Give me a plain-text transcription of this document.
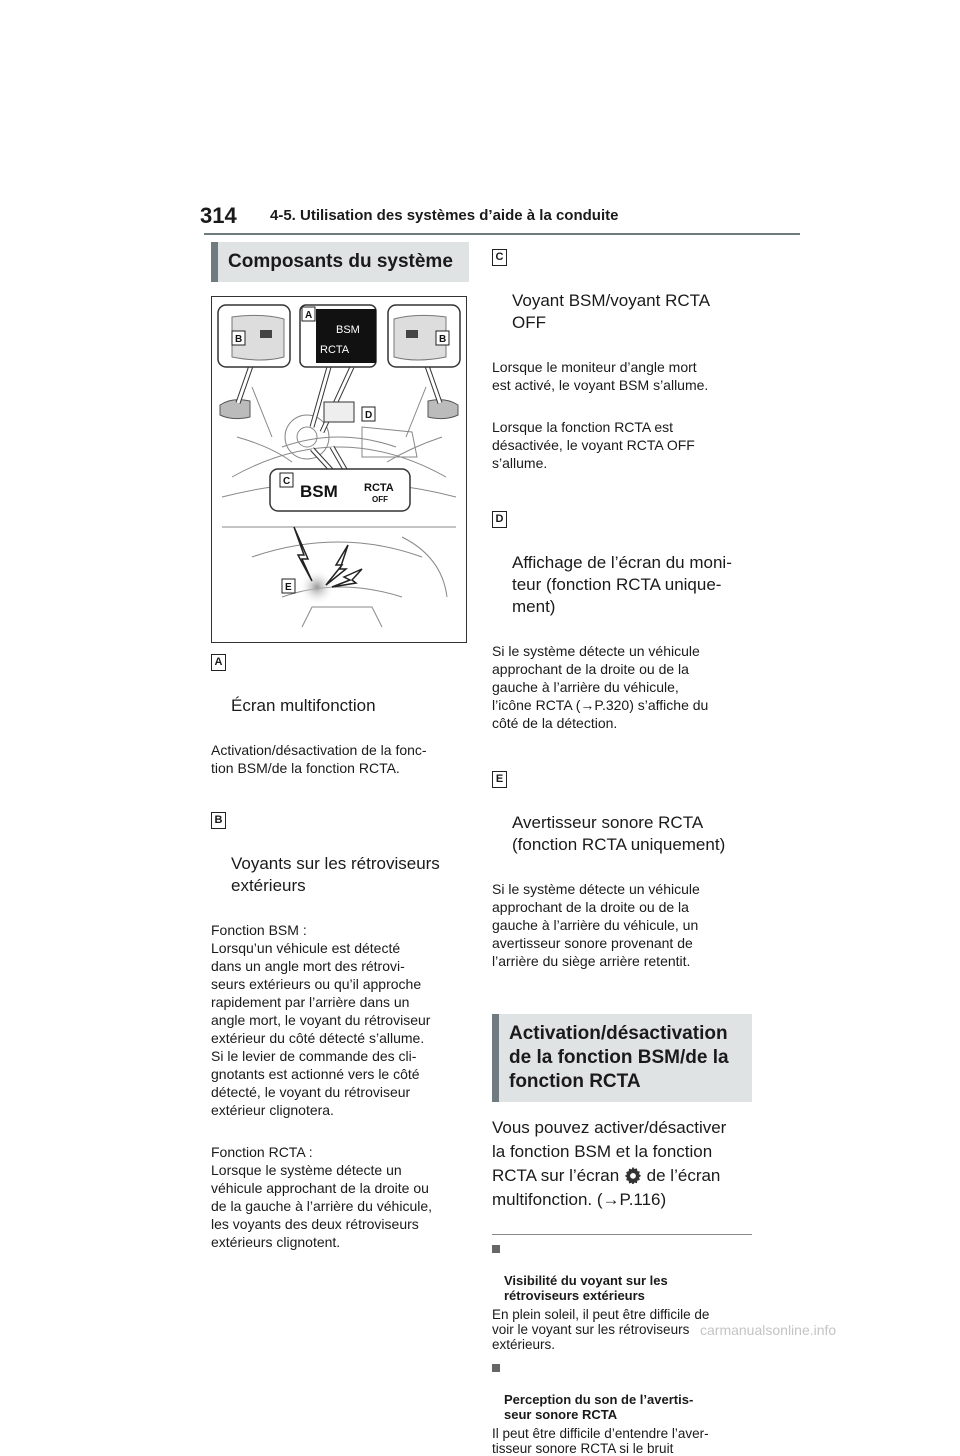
314 4-5. Utilisation des systèmes d’aide à la conduite
Composants du système
BSM
RCTA
BSM RCTA
OFF
A
B	B
C
D
E

A

Écran multifonction

Activation/désactivation de la fonc-
tion BSM/de la fonction RCTA.

B

Voyants sur les rétroviseurs
extérieurs

Fonction BSM :
Lorsqu’un véhicule est détecté
dans un angle mort des rétrovi-
seurs extérieurs ou qu’il approche
rapidement par l’arrière dans un
angle mort, le voyant du rétroviseur
extérieur du côté détecté s’allume.
Si le levier de commande des cli-
gnotants est actionné vers le côté
détecté, le voyant du rétroviseur
extérieur clignotera.

Fonction RCTA :
Lorsque le système détecte un
véhicule approchant de la droite ou
de la gauche à l’arrière du véhicule,
les voyants des deux rétroviseurs
extérieurs clignotent.

C

Voyant BSM/voyant RCTA
OFF

Lorsque le moniteur d’angle mort
est activé, le voyant BSM s’allume.

Lorsque la fonction RCTA est
désactivée, le voyant RCTA OFF
s’allume.

D

Affichage de l’écran du moni-
teur (fonction RCTA unique-
ment)

Si le système détecte un véhicule
approchant de la droite ou de la
gauche à l’arrière du véhicule,
l’icône RCTA (→P.320) s’affiche du
côté de la détection.

E

Avertisseur sonore RCTA
(fonction RCTA uniquement)

Si le système détecte un véhicule
approchant de la droite ou de la
gauche à l’arrière du véhicule, un
avertisseur sonore provenant de
l’arrière du siège arrière retentit.

Activation/désactivation
de la fonction BSM/de la
fonction RCTA
Vous pouvez activer/désactiver
la fonction BSM et la fonction
RCTA sur l’écran  de l’écran
multifonction. (→P.116)

Visibilité du voyant sur les
rétroviseurs extérieurs

En plein soleil, il peut être difficile de
voir le voyant sur les rétroviseurs
extérieurs.

Perception du son de l’avertis-
seur sonore RCTA

Il peut être difficile d’entendre l’aver-
tisseur sonore RCTA si le bruit
carmanualsonline.info
